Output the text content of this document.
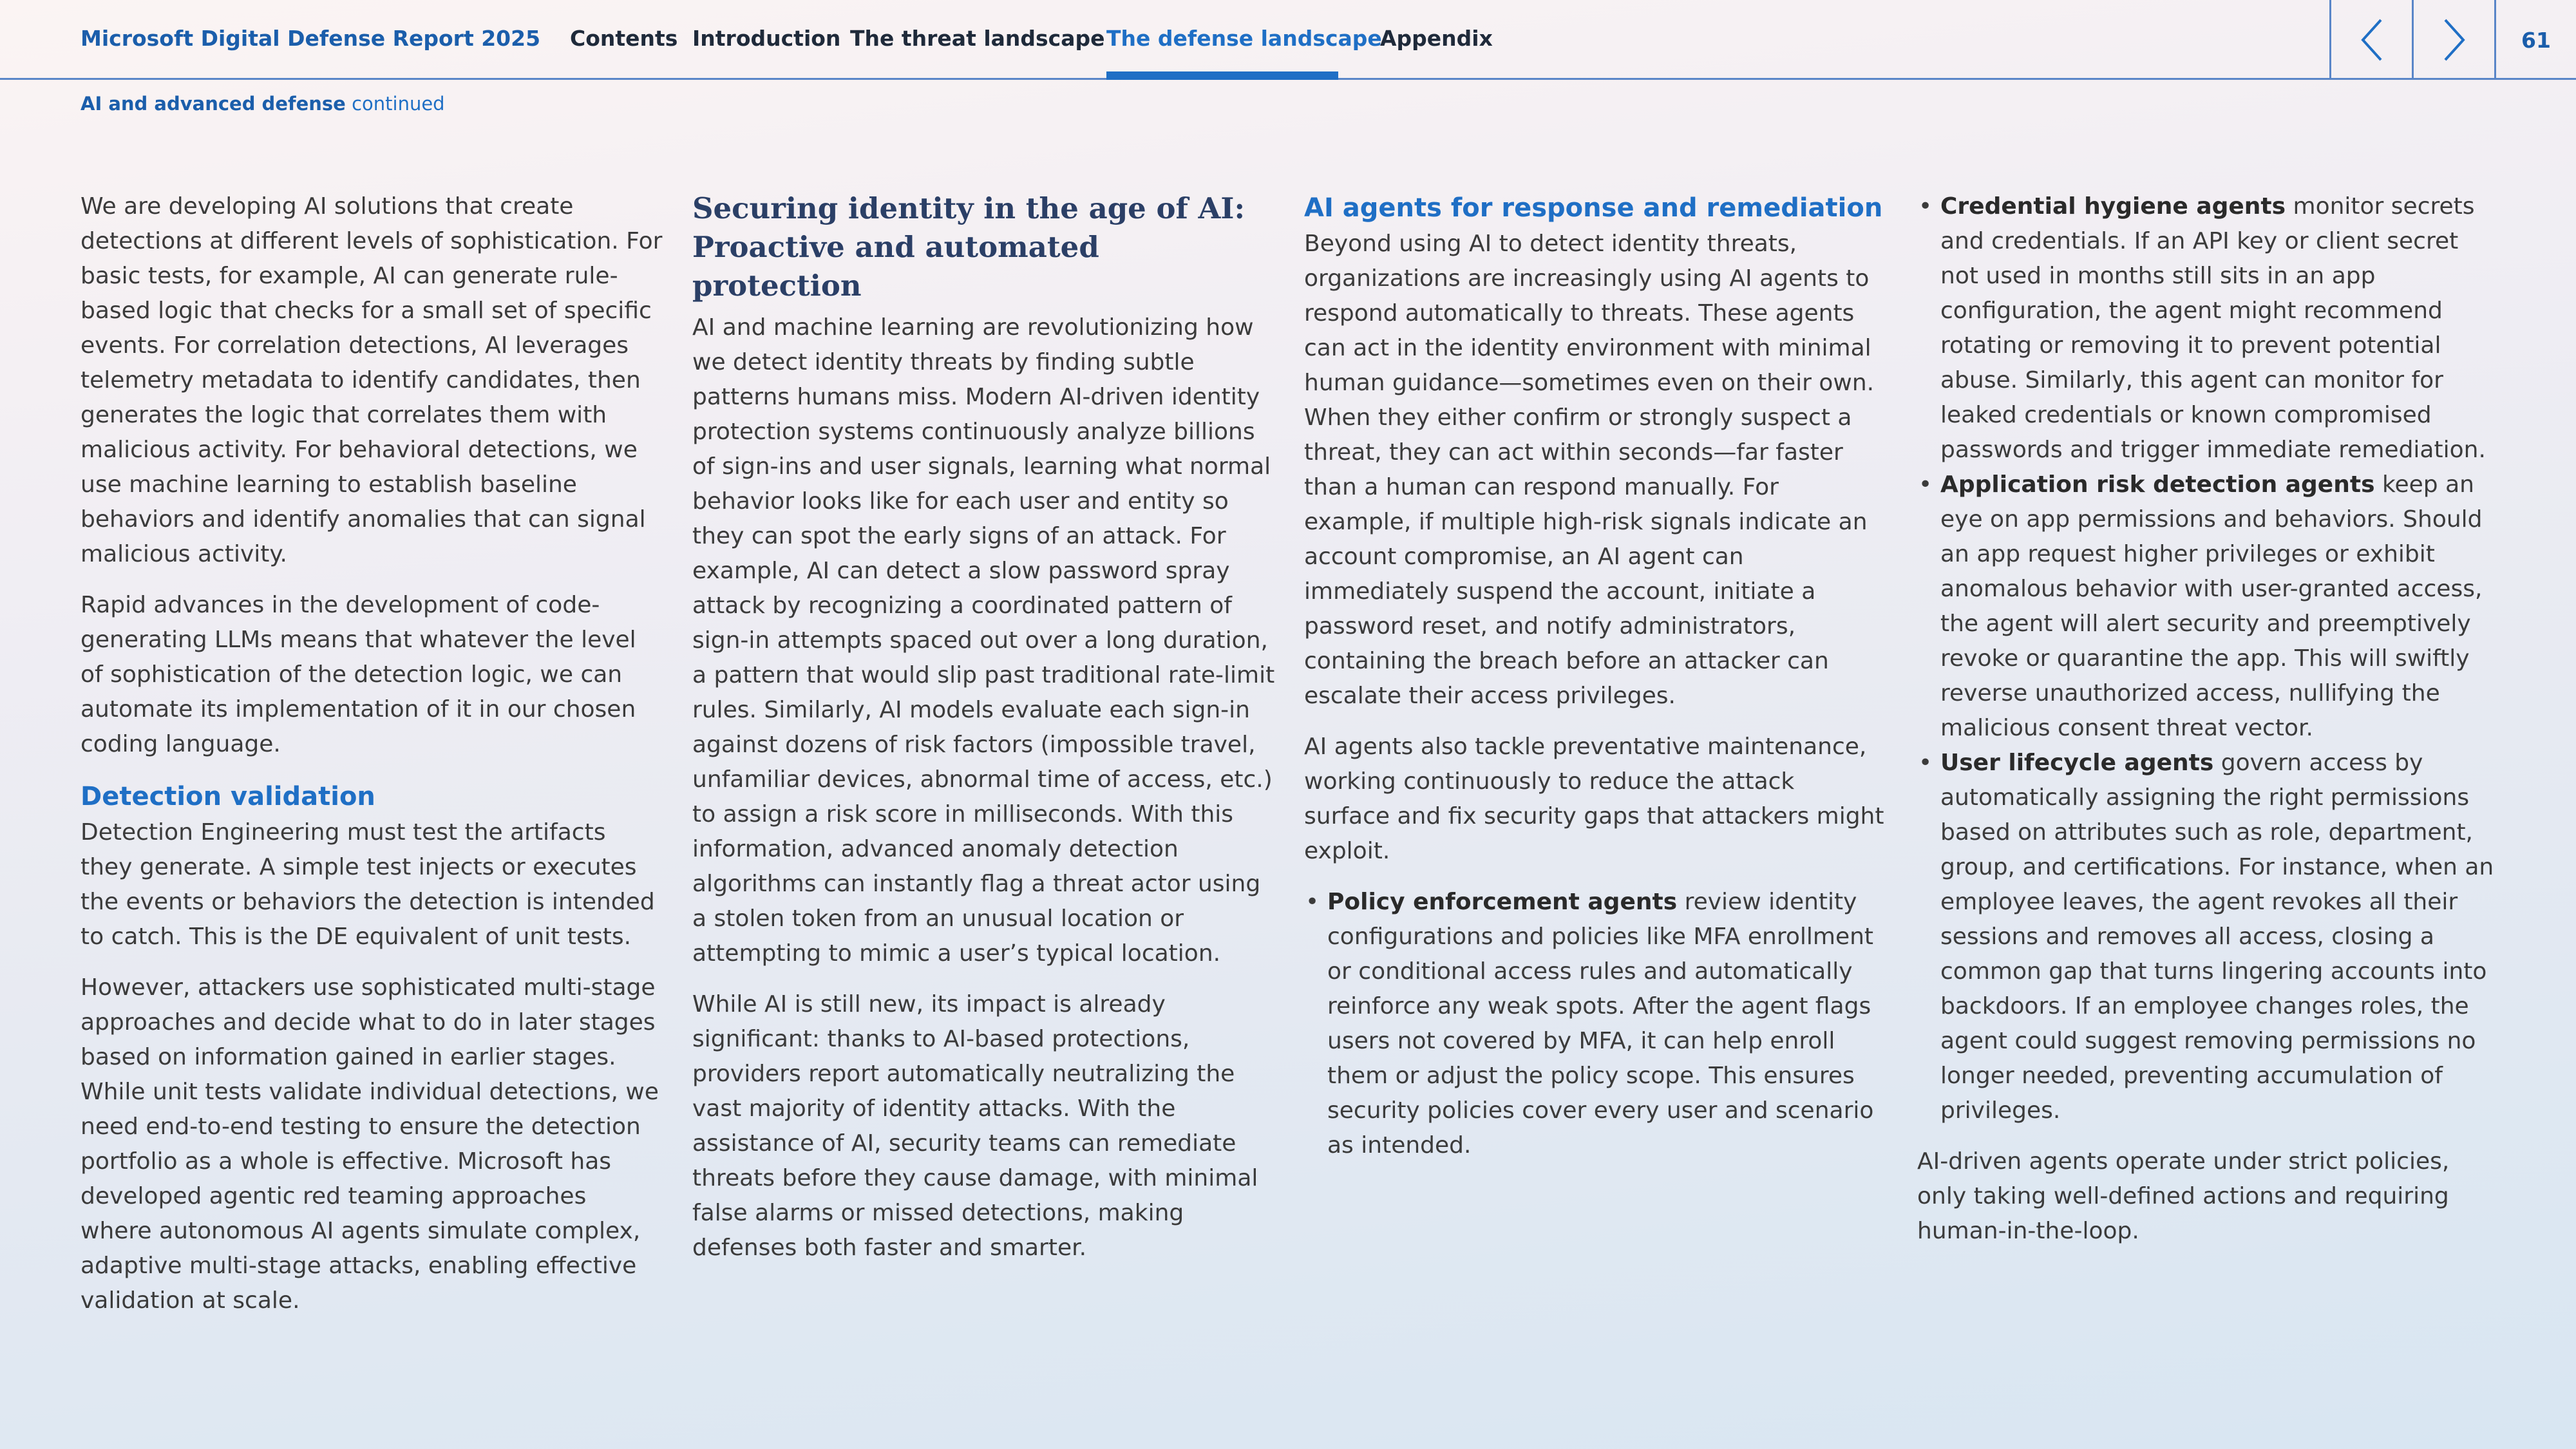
Microsoft Digital Defense Report 2025 Contents Introduction The threat landscape The defense landscape
Appendix	61
AI and advanced defense continued

We are developing AI solutions that create detections at different levels of sophistication. For basic tests, for example, AI can generate rule-based logic that checks for a small set of specific events. For correlation detections, AI leverages telemetry metadata to identify candidates, then generates the logic that correlates them with malicious activity. For behavioral detections, we use machine learning to establish baseline behaviors and identify anomalies that can signal malicious activity.

Rapid advances in the development of code-generating LLMs means that whatever the level of sophistication of the detection logic, we can automate its implementation of it in our chosen coding language.

Detection validation

Detection Engineering must test the artifacts they generate. A simple test injects or executes the events or behaviors the detection is intended to catch. This is the DE equivalent of unit tests.

However, attackers use sophisticated multi-stage approaches and decide what to do in later stages based on information gained in earlier stages. While unit tests validate individual detections, we need end-to-end testing to ensure the detection portfolio as a whole is effective. Microsoft has developed agentic red teaming approaches where autonomous AI agents simulate complex, adaptive multi-stage attacks, enabling effective validation at scale.

Securing identity in the age of AI: Proactive and automated protection

AI and machine learning are revolutionizing how we detect identity threats by finding subtle patterns humans miss. Modern AI-driven identity protection systems continuously analyze billions of sign-ins and user signals, learning what normal behavior looks like for each user and entity so they can spot the early signs of an attack. For example, AI can detect a slow password spray attack by recognizing a coordinated pattern of sign-in attempts spaced out over a long duration, a pattern that would slip past traditional rate-limit rules. Similarly, AI models evaluate each sign-in against dozens of risk factors (impossible travel, unfamiliar devices, abnormal time of access, etc.) to assign a risk score in milliseconds. With this information, advanced anomaly detection algorithms can instantly flag a threat actor using a stolen token from an unusual location or attempting to mimic a user’s typical location.

While AI is still new, its impact is already significant: thanks to AI-based protections, providers report automatically neutralizing the vast majority of identity attacks. With the assistance of AI, security teams can remediate threats before they cause damage, with minimal false alarms or missed detections, making defenses both faster and smarter.

AI agents for response and remediation

Beyond using AI to detect identity threats, organizations are increasingly using AI agents to respond automatically to threats. These agents can act in the identity environment with minimal human guidance—sometimes even on their own. When they either confirm or strongly suspect a threat, they can act within seconds—far faster than a human can respond manually. For example, if multiple high-risk signals indicate an account compromise, an AI agent can immediately suspend the account, initiate a password reset, and notify administrators, containing the breach before an attacker can escalate their access privileges.

AI agents also tackle preventative maintenance, working continuously to reduce the attack surface and fix security gaps that attackers might exploit.

• Policy enforcement agents review identity configurations and policies like MFA enrollment or conditional access rules and automatically reinforce any weak spots. After the agent flags users not covered by MFA, it can help enroll them or adjust the policy scope. This ensures security policies cover every user and scenario as intended.
• Credential hygiene agents monitor secrets and credentials. If an API key or client secret not used in months still sits in an app configuration, the agent might recommend rotating or removing it to prevent potential abuse. Similarly, this agent can monitor for leaked credentials or known compromised passwords and trigger immediate remediation.
• Application risk detection agents keep an eye on app permissions and behaviors. Should an app request higher privileges or exhibit anomalous behavior with user-granted access, the agent will alert security and preemptively revoke or quarantine the app. This will swiftly reverse unauthorized access, nullifying the malicious consent threat vector.
• User lifecycle agents govern access by automatically assigning the right permissions based on attributes such as role, department, group, and certifications. For instance, when an employee leaves, the agent revokes all their sessions and removes all access, closing a common gap that turns lingering accounts into backdoors. If an employee changes roles, the agent could suggest removing permissions no longer needed, preventing accumulation of privileges.

AI-driven agents operate under strict policies, only taking well-defined actions and requiring human-in-the-loop.
